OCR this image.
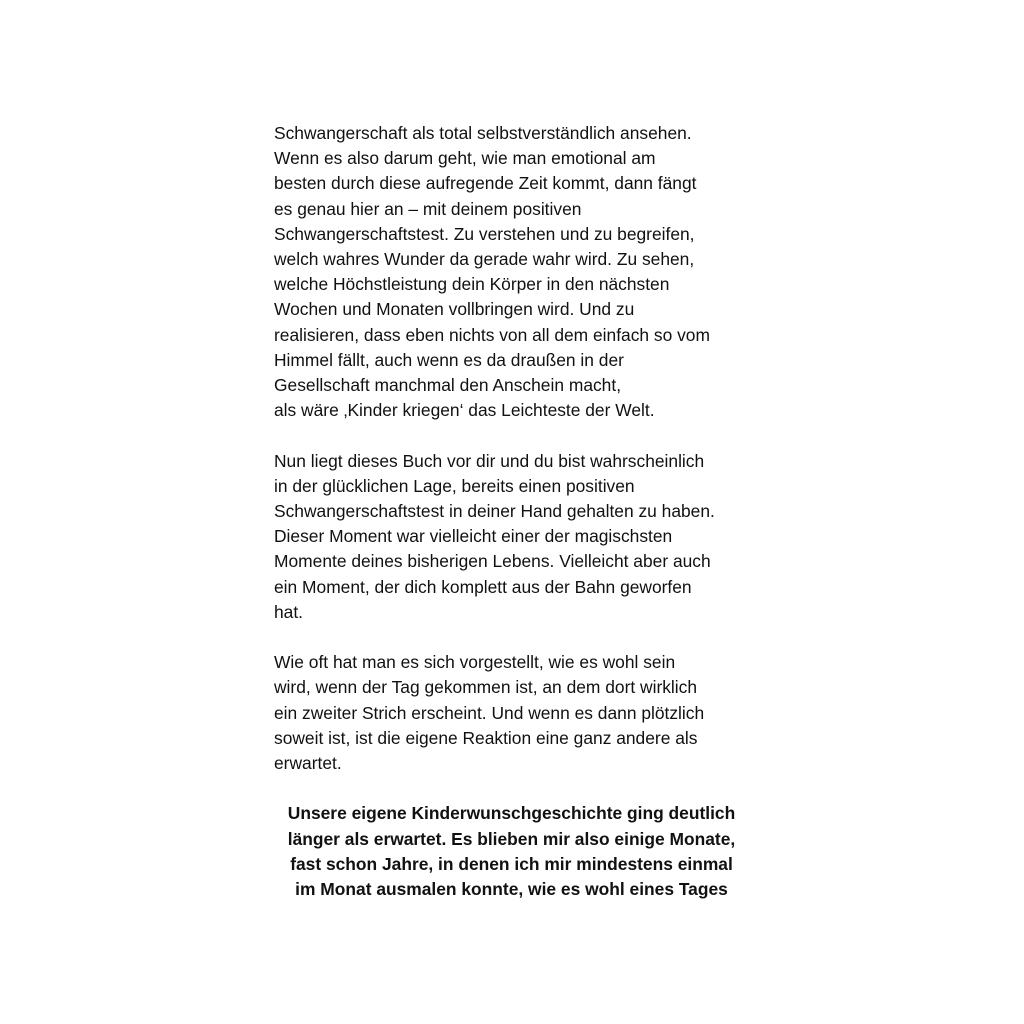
Schwangerschaft als total selbstverständlich ansehen.
Wenn es also darum geht, wie man emotional am
besten durch diese aufregende Zeit kommt, dann fängt
es genau hier an – mit deinem positiven
Schwangerschaftstest. Zu verstehen und zu begreifen,
welch wahres Wunder da gerade wahr wird. Zu sehen,
welche Höchstleistung dein Körper in den nächsten
Wochen und Monaten vollbringen wird. Und zu
realisieren, dass eben nichts von all dem einfach so vom
Himmel fällt, auch wenn es da draußen in der
Gesellschaft manchmal den Anschein macht,
als wäre ‚Kinder kriegen‘ das Leichteste der Welt.

Nun liegt dieses Buch vor dir und du bist wahrscheinlich
in der glücklichen Lage, bereits einen positiven
Schwangerschaftstest in deiner Hand gehalten zu haben.
Dieser Moment war vielleicht einer der magischsten
Momente deines bisherigen Lebens. Vielleicht aber auch
ein Moment, der dich komplett aus der Bahn geworfen
hat.

Wie oft hat man es sich vorgestellt, wie es wohl sein
wird, wenn der Tag gekommen ist, an dem dort wirklich
ein zweiter Strich erscheint. Und wenn es dann plötzlich
soweit ist, ist die eigene Reaktion eine ganz andere als
erwartet.

Unsere eigene Kinderwunschgeschichte ging deutlich
länger als erwartet. Es blieben mir also einige Monate,
fast schon Jahre, in denen ich mir mindestens einmal
im Monat ausmalen konnte, wie es wohl eines Tages
